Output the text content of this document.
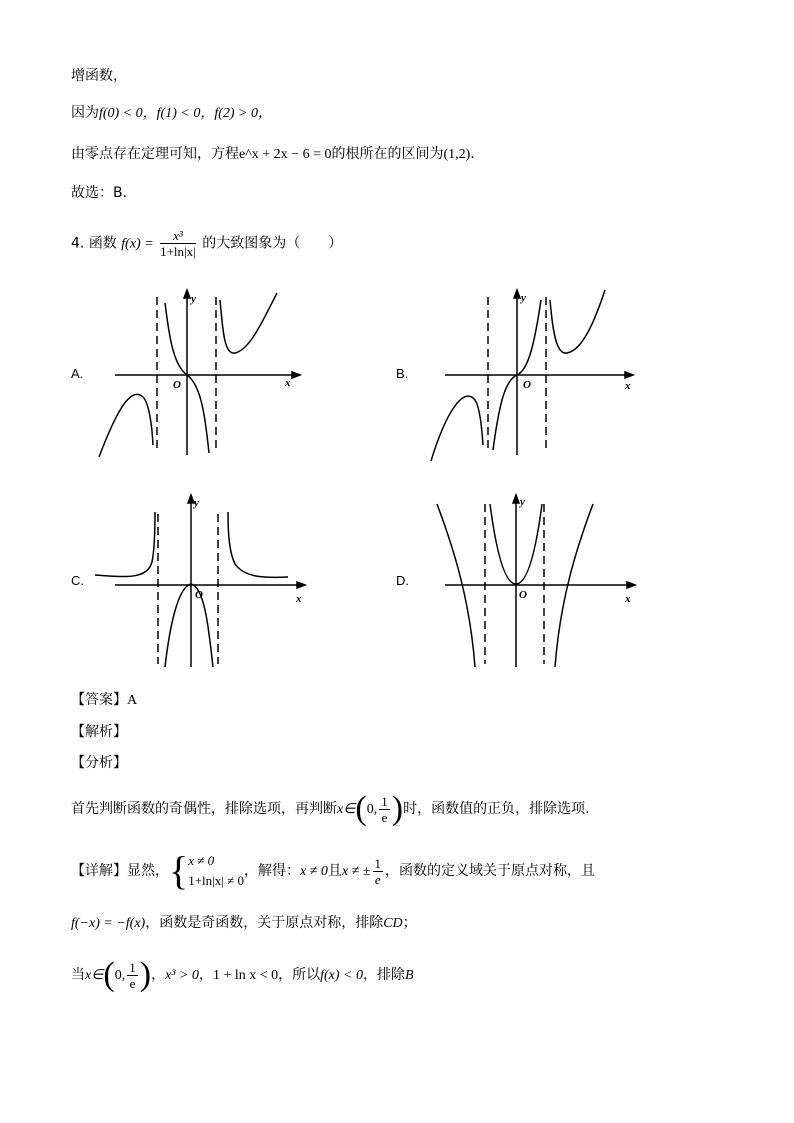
增函数，
因为f(0) < 0，f(1) < 0，f(2) > 0，
由零点存在定理可知，方程e^x + 2x − 6 = 0的根所在的区间为(1,2).
故选：B.
4. 函数 $f(x) = \frac{\text{x³}}{1+\ln|x|}$ 的大致图象为（　　）
A.	B.
C.	D.
O	x
y
O	x
y
O	x
y
O	x
y
【答案】A
【解析】
【分析】
首先判断函数的奇偶性，排除选项，再判断x∈(0, $\frac{1}{e}$ )时，函数值的正负，排除选项.
【详解】显然，{ x ≠ 0
1+ln|x| ≠ 0
，解得：x ≠ 0且x ≠ ± $\frac{1}{e}$ ，函数的定义域关于原点对称，且
f(−x) = −f(x)，函数是奇函数，关于原点对称，排除CD；
当x∈(0, $\frac{1}{e}$ )，x³ > 0，1 + ln x < 0，所以f(x) < 0，排除B
